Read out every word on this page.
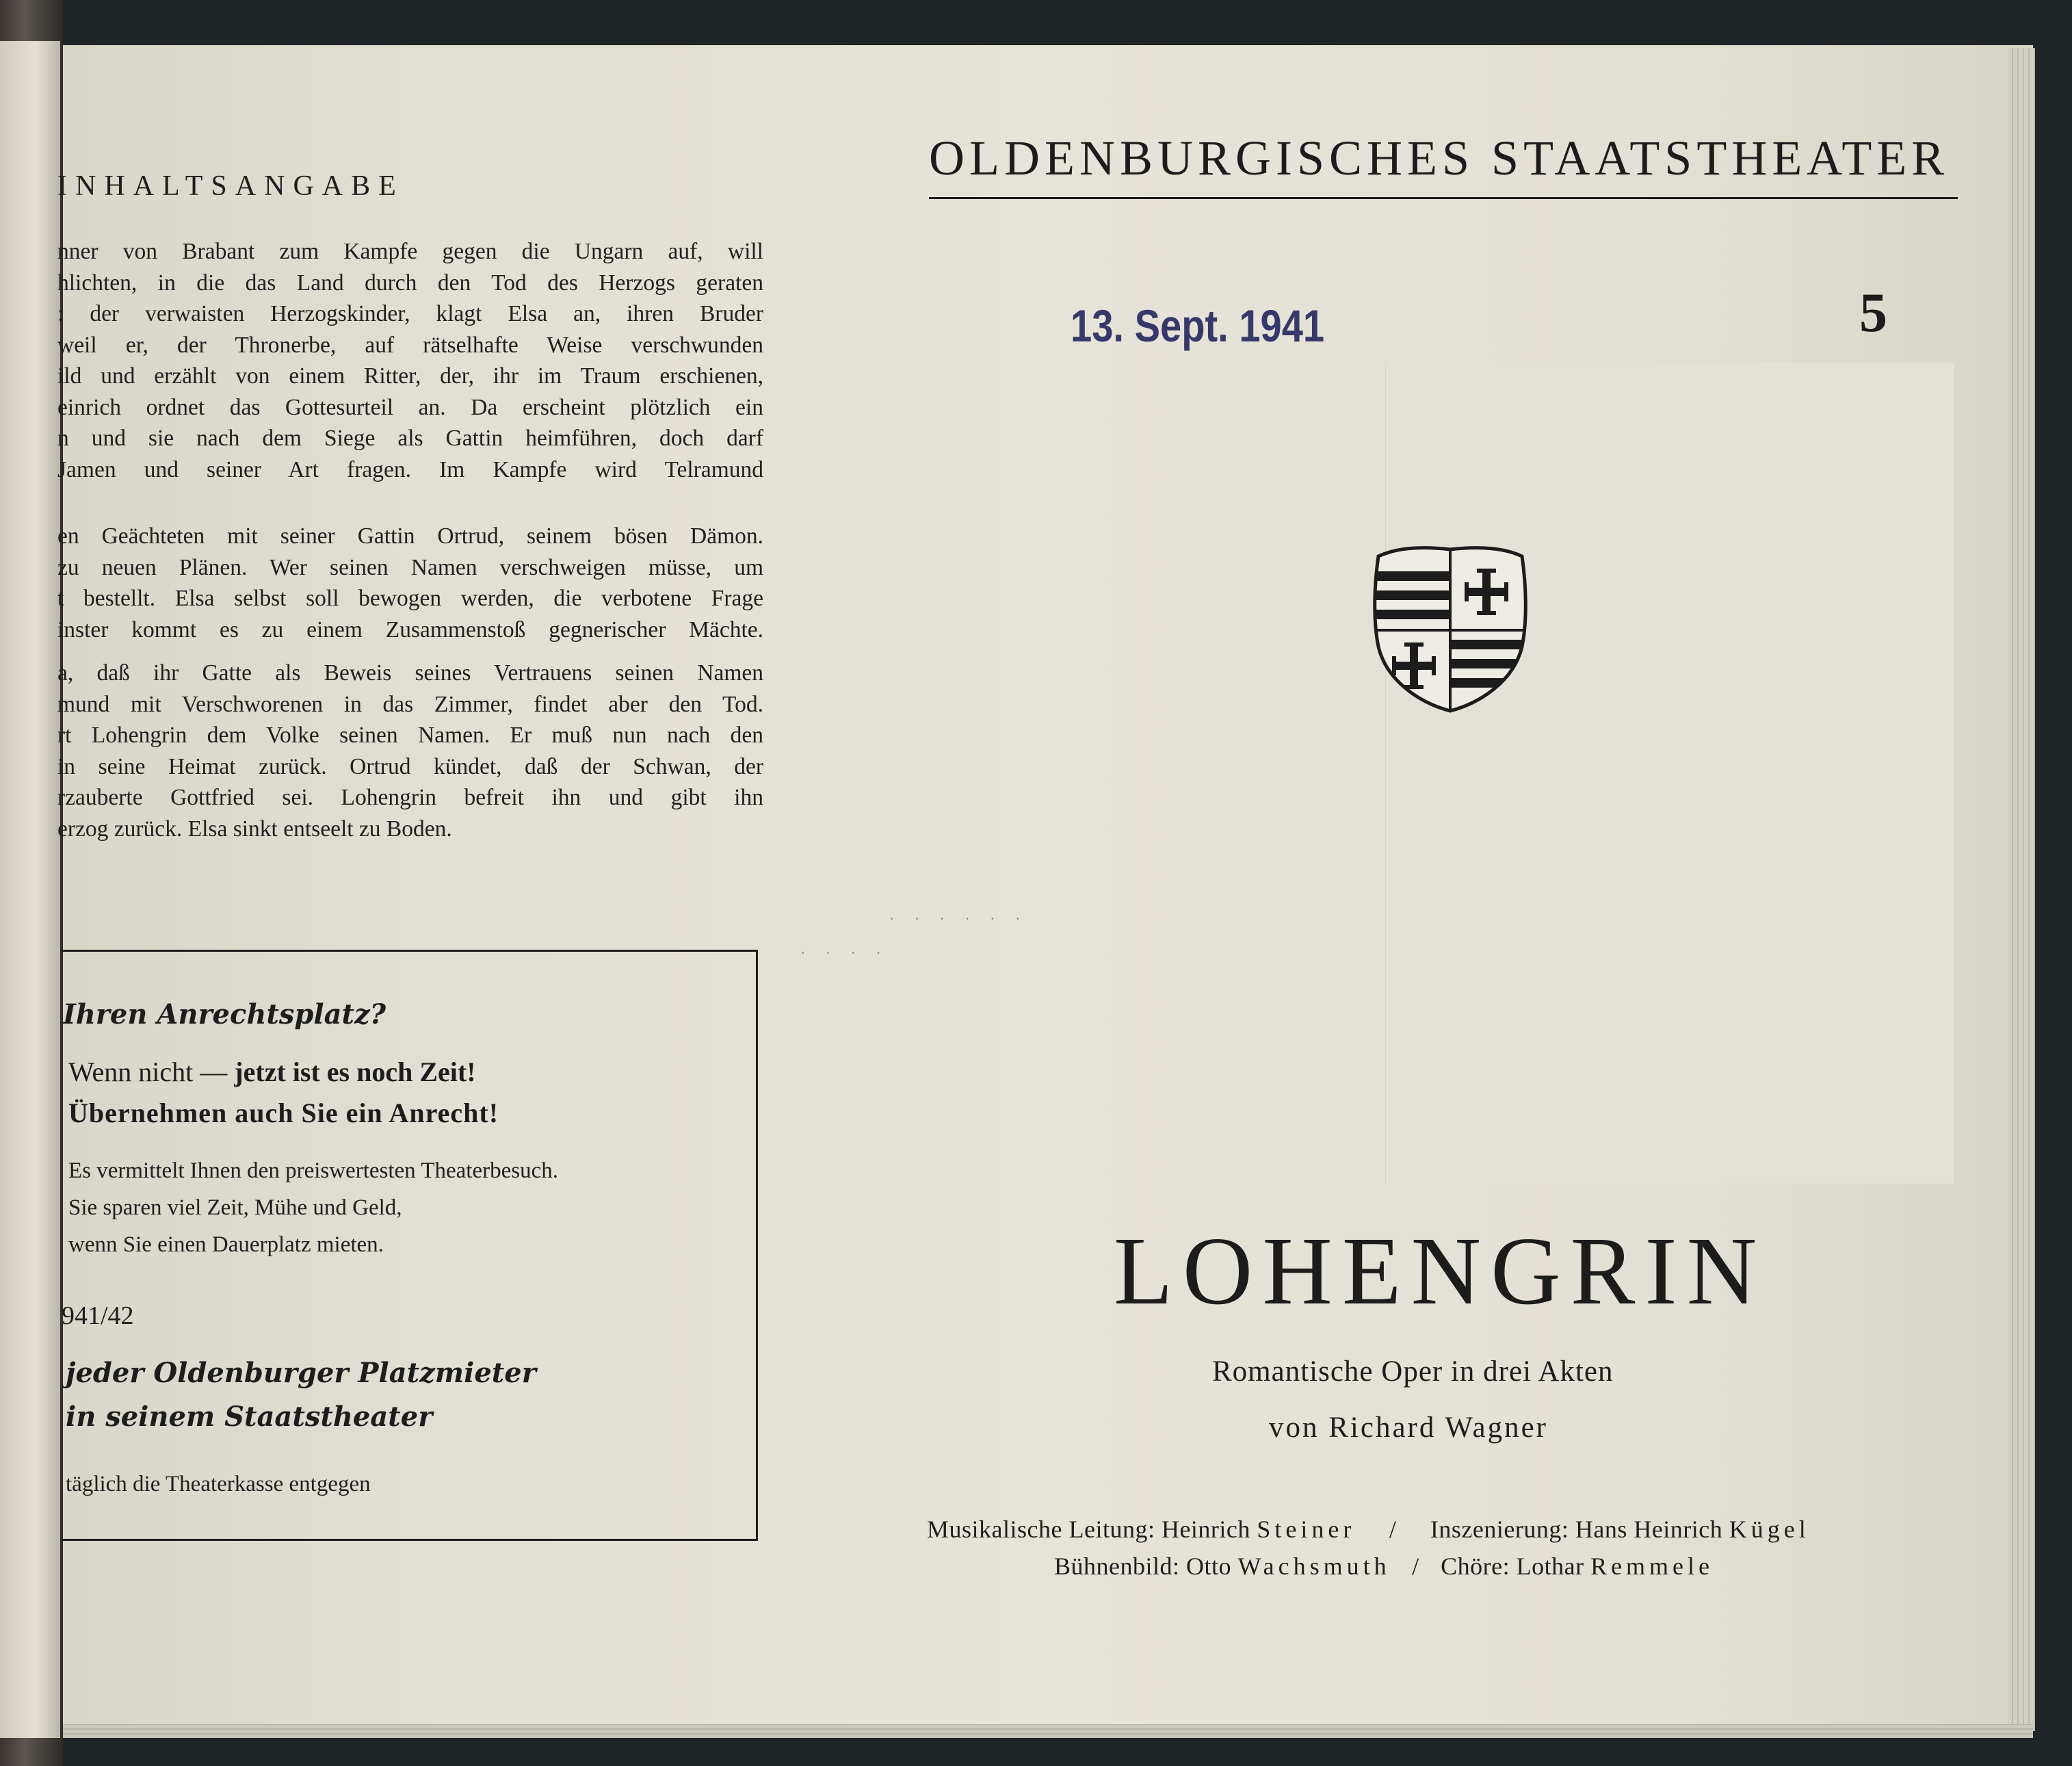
INHALTSANGABE
nner von Brabant zum Kampfe gegen die Ungarn auf, will
hlichten, in die das Land durch den Tod des Herzogs geraten
: der verwaisten Herzogskinder, klagt Elsa an, ihren Bruder
weil er, der Thronerbe, auf rätselhafte Weise verschwunden
ild und erzählt von einem Ritter, der, ihr im Traum erschienen,
einrich ordnet das Gottesurteil an. Da erscheint plötzlich ein
n und sie nach dem Siege als Gattin heimführen, doch darf
Jamen und seiner Art fragen. Im Kampfe wird Telramund
en Geächteten mit seiner Gattin Ortrud, seinem bösen Dämon.
zu neuen Plänen. Wer seinen Namen verschweigen müsse, um
t bestellt. Elsa selbst soll bewogen werden, die verbotene Frage
inster kommt es zu einem Zusammenstoß gegnerischer Mächte.
a, daß ihr Gatte als Beweis seines Vertrauens seinen Namen
mund mit Verschworenen in das Zimmer, findet aber den Tod.
rt Lohengrin dem Volke seinen Namen. Er muß nun nach den
in seine Heimat zurück. Ortrud kündet, daß der Schwan, der
rzauberte Gottfried sei. Lohengrin befreit ihn und gibt ihn
erzog zurück. Elsa sinkt entseelt zu Boden.
Ihren Anrechtsplatz?
Wenn nicht — jetzt ist es noch Zeit!
Übernehmen auch Sie ein Anrecht!
Es vermittelt Ihnen den preiswertesten Theaterbesuch.
Sie sparen viel Zeit, Mühe und Geld,
wenn Sie einen Dauerplatz mieten.
941/42
jeder Oldenburger Platzmieter
in seinem Staatstheater
täglich die Theaterkasse entgegen
· · · ·
· · · · · ·
OLDENBURGISCHES STAATSTHEATER
13. Sept. 1941	5
LOHENGRIN
Romantische Oper in drei Akten
von Richard Wagner
Musikalische Leitung: Heinrich Steiner / Inszenierung: Hans Heinrich Kügel
Bühnenbild: Otto Wachsmuth / Chöre: Lothar Remmele
